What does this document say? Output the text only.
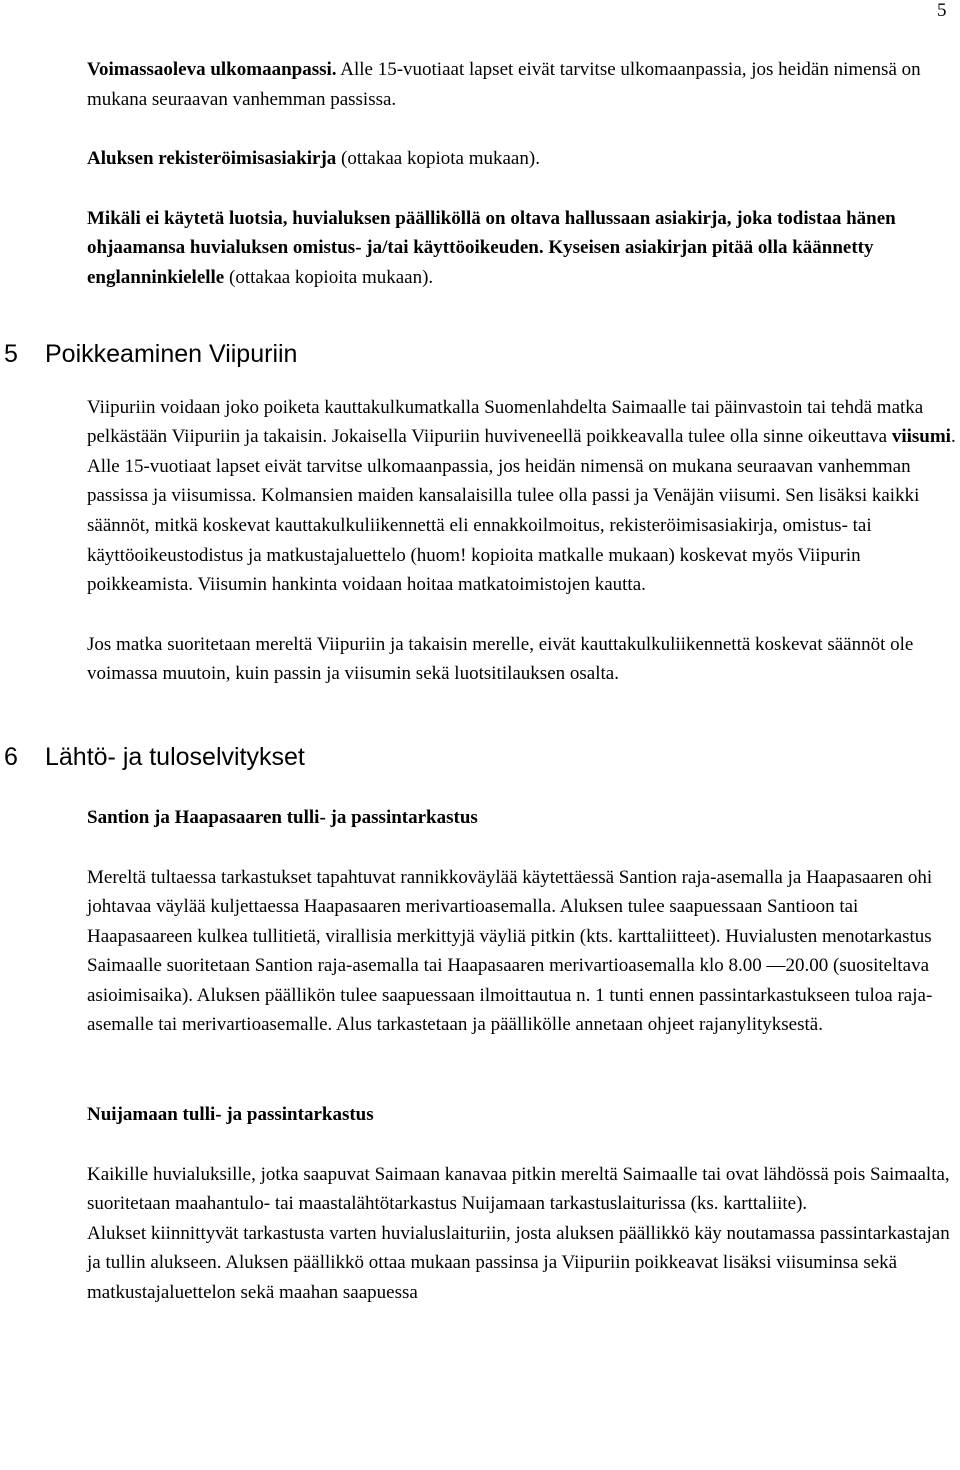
5

Voimassaoleva ulkomaanpassi. Alle 15-vuotiaat lapset eivät tarvitse ulkomaanpassia, jos heidän nimensä on mukana seuraavan vanhemman passissa.

Aluksen rekisteröimisasiakirja (ottakaa kopiota mukaan).

Mikäli ei käytetä luotsia, huvialuksen päälliköllä on oltava hallussaan asiakirja, joka todistaa hänen ohjaamansa huvialuksen omistus- ja/tai käyttöoikeuden. Kyseisen asiakirjan pitää olla käännetty englanninkielelle (ottakaa kopioita mukaan).

5 Poikkeaminen Viipuriin

Viipuriin voidaan joko poiketa kauttakulkumatkalla Suomenlahdelta Saimaalle tai päinvastoin tai tehdä matka pelkästään Viipuriin ja takaisin. Jokaisella Viipuriin huviveneellä poikkeavalla tulee olla sinne oikeuttava viisumi. Alle 15-vuotiaat lapset eivät tarvitse ulkomaanpassia, jos heidän nimensä on mukana seuraavan vanhemman passissa ja viisumissa. Kolmansien maiden kansalaisilla tulee olla passi ja Venäjän viisumi. Sen lisäksi kaikki säännöt, mitkä koskevat kauttakulkuliikennettä eli ennakkoilmoitus, rekisteröimisasiakirja, omistus- tai käyttöoikeustodistus ja matkustajaluettelo (huom! kopioita matkalle mukaan) koskevat myös Viipurin poikkeamista. Viisumin hankinta voidaan hoitaa matkatoimistojen kautta.

Jos matka suoritetaan mereltä Viipuriin ja takaisin merelle, eivät kauttakulkuliikennettä koskevat säännöt ole voimassa muutoin, kuin passin ja viisumin sekä luotsitilauksen osalta.

6 Lähtö- ja tuloselvitykset
Santion ja Haapasaaren tulli- ja passintarkastus

Mereltä tultaessa tarkastukset tapahtuvat rannikkoväylää käytettäessä Santion raja-asemalla ja Haapasaaren ohi johtavaa väylää kuljettaessa Haapasaaren merivartioasemalla. Aluksen tulee saapuessaan Santioon tai Haapasaareen kulkea tullitietä, virallisia merkittyjä väyliä pitkin (kts. karttaliitteet). Huvialusten menotarkastus Saimaalle suoritetaan Santion raja-asemalla tai Haapasaaren merivartioasemalla klo 8.00 —20.00 (suositeltava asioimisaika). Aluksen päällikön tulee saapuessaan ilmoittautua n. 1 tunti ennen passintarkastukseen tuloa raja-asemalle tai merivartioasemalle. Alus tarkastetaan ja päällikölle annetaan ohjeet rajanylityksestä.

Nuijamaan tulli- ja passintarkastus

Kaikille huvialuksille, jotka saapuvat Saimaan kanavaa pitkin mereltä Saimaalle tai ovat lähdössä pois Saimaalta, suoritetaan maahantulo- tai maastalähtötarkastus Nuijamaan tarkastuslaiturissa (ks. karttaliite).

Alukset kiinnittyvät tarkastusta varten huvialuslaituriin, josta aluksen päällikkö käy noutamassa passintarkastajan ja tullin alukseen. Aluksen päällikkö ottaa mukaan passinsa ja Viipuriin poikkeavat lisäksi viisuminsa sekä matkustajaluettelon sekä maahan saapuessa
